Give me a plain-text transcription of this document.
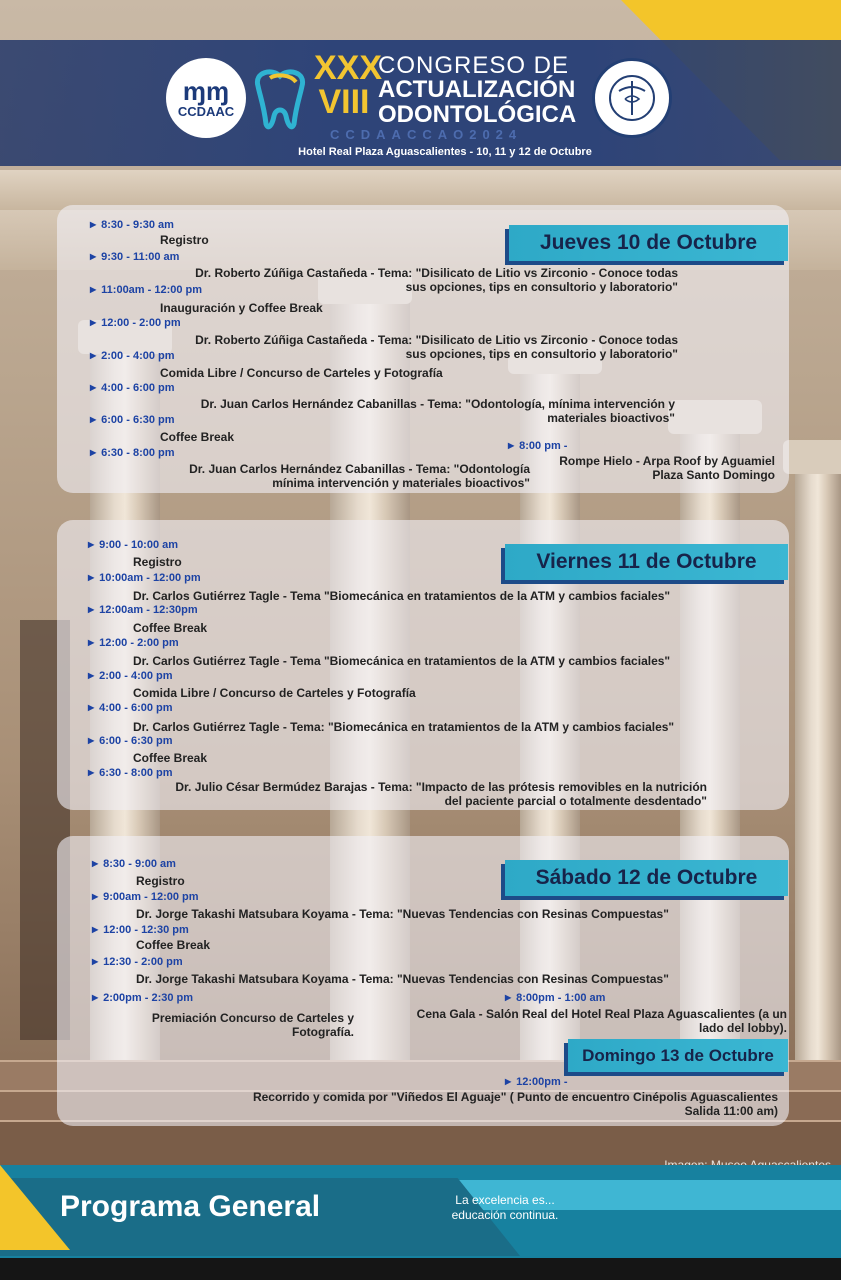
ɱɱ
CCDAAC
XXX
VIII
CONGRESO DE
ACTUALIZACIÓN
ODONTOLÓGICA
CCDAACCAO2024
Hotel Real Plaza Aguascalientes - 10, 11 y 12 de Octubre
Jueves 10 de Octubre
▶ 8:30 - 9:30 am
Registro
▶ 9:30 - 11:00 am
Dr. Roberto Zúñiga Castañeda - Tema: "Disilicato de Litio vs Zirconio - Conoce todas
sus opciones, tips en consultorio y laboratorio"
▶ 11:00am - 12:00 pm
Inauguración y Coffee Break
▶ 12:00 - 2:00 pm
Dr. Roberto Zúñiga Castañeda - Tema: "Disilicato de Litio vs Zirconio - Conoce todas
sus opciones, tips en consultorio y laboratorio"
▶ 2:00 - 4:00 pm
Comida Libre / Concurso de Carteles y Fotografía
▶ 4:00 - 6:00 pm
Dr. Juan Carlos Hernández Cabanillas - Tema: "Odontología, mínima intervención y
materiales bioactivos"
▶ 6:00 - 6:30 pm
Coffee Break
▶ 6:30 - 8:00 pm
Dr. Juan Carlos Hernández Cabanillas - Tema: "Odontología
mínima intervención y materiales bioactivos"
▶ 8:00 pm -
Rompe Hielo - Arpa Roof by Aguamiel
Plaza Santo Domingo
Viernes 11 de Octubre
▶ 9:00 - 10:00 am
Registro
▶ 10:00am - 12:00 pm
Dr. Carlos Gutiérrez Tagle - Tema "Biomecánica en tratamientos de la ATM y cambios faciales"
▶ 12:00am - 12:30pm
Coffee Break
▶ 12:00 - 2:00 pm
Dr. Carlos Gutiérrez Tagle - Tema "Biomecánica en tratamientos de la ATM y cambios faciales"
▶ 2:00 - 4:00 pm
Comida Libre / Concurso de Carteles y Fotografía
▶ 4:00 - 6:00 pm
Dr. Carlos Gutiérrez Tagle - Tema: "Biomecánica en tratamientos de la ATM y cambios faciales"
▶ 6:00 - 6:30 pm
Coffee Break
▶ 6:30 - 8:00 pm
Dr. Julio César Bermúdez Barajas - Tema: "Impacto de las prótesis removibles en la nutrición
del paciente parcial o totalmente desdentado"
Sábado 12 de Octubre
▶ 8:30 - 9:00 am
Registro
▶ 9:00am - 12:00 pm
Dr. Jorge Takashi Matsubara Koyama - Tema: "Nuevas Tendencias con Resinas Compuestas"
▶ 12:00 - 12:30 pm
Coffee Break
▶ 12:30 - 2:00 pm
Dr. Jorge Takashi Matsubara Koyama - Tema: "Nuevas Tendencias con Resinas Compuestas"
▶ 2:00pm - 2:30 pm
Premiación Concurso de Carteles y
Fotografía.
▶ 8:00pm - 1:00 am
Cena Gala - Salón Real del Hotel Real Plaza Aguascalientes (a un
lado del lobby).
Domingo 13 de Octubre
▶ 12:00pm -
Recorrido y comida por "Viñedos El Aguaje" ( Punto de encuentro Cinépolis Aguascalientes
Salida 11:00 am)
Programa General	La excelencia es...
educación continua.
